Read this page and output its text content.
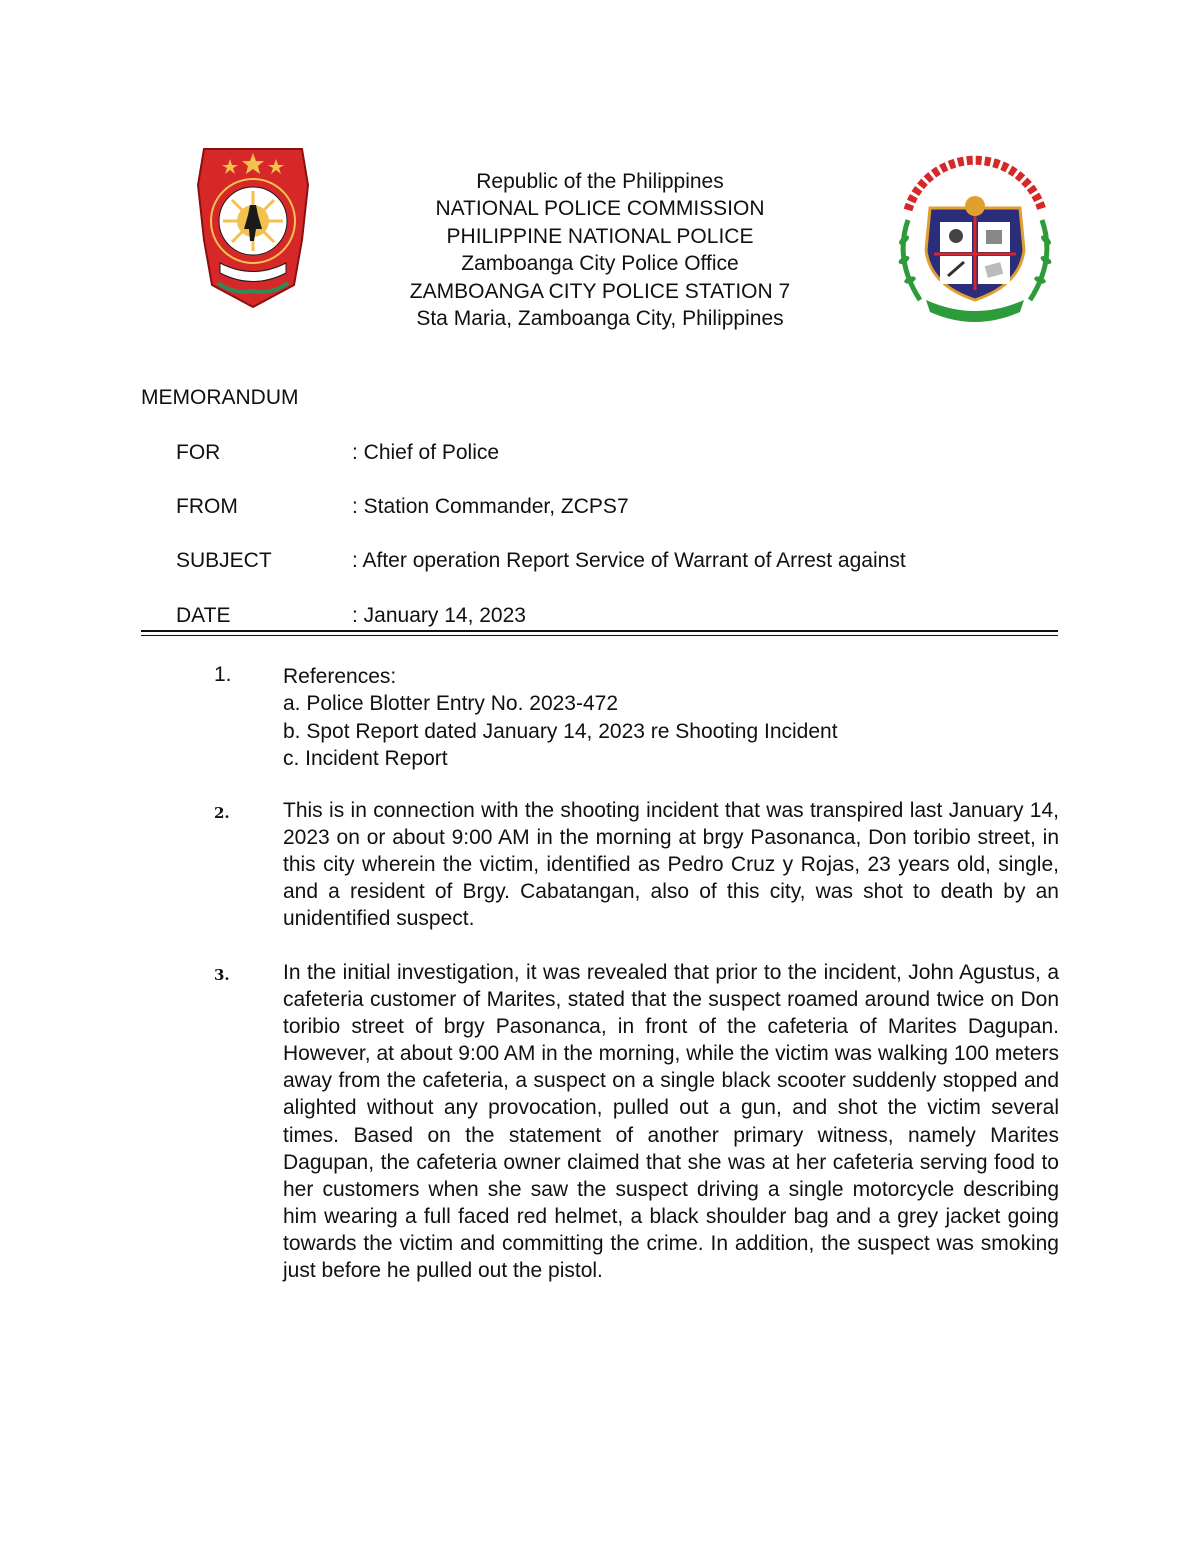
Republic of the Philippines
NATIONAL POLICE COMMISSION
PHILIPPINE NATIONAL POLICE
Zamboanga City Police Office
ZAMBOANGA CITY POLICE STATION 7
Sta Maria, Zamboanga City, Philippines
MEMORANDUM
FOR	: Chief of Police
FROM	: Station Commander, ZCPS7
SUBJECT	: After operation Report Service of Warrant of Arrest against
DATE	: January 14, 2023
1. References:
a. Police Blotter Entry No. 2023-472
b. Spot Report dated January 14, 2023 re Shooting Incident
c. Incident Report
2.	This is in connection with the shooting incident that was transpired last January 14, 2023 on or about 9:00 AM in the morning at brgy Pasonanca, Don toribio street, in this city wherein the victim, identified as Pedro Cruz y Rojas, 23 years old, single, and a resident of Brgy. Cabatangan, also of this city, was shot to death by an unidentified suspect.

3.	In the initial investigation, it was revealed that prior to the incident, John Agustus, a cafeteria customer of Marites, stated that the suspect roamed around twice on Don toribio street of brgy Pasonanca, in front of the cafeteria of Marites Dagupan. However, at about 9:00 AM in the morning, while the victim was walking 100 meters away from the cafeteria, a suspect on a single black scooter suddenly stopped and alighted without any provocation, pulled out a gun, and shot the victim several times. Based on the statement of another primary witness, namely Marites Dagupan, the cafeteria owner claimed that she was at her cafeteria serving food to her customers when she saw the suspect driving a single motorcycle describing him wearing a full faced red helmet, a black shoulder bag and a grey jacket going towards the victim and committing the crime. In addition, the suspect was smoking just before he pulled out the pistol.
